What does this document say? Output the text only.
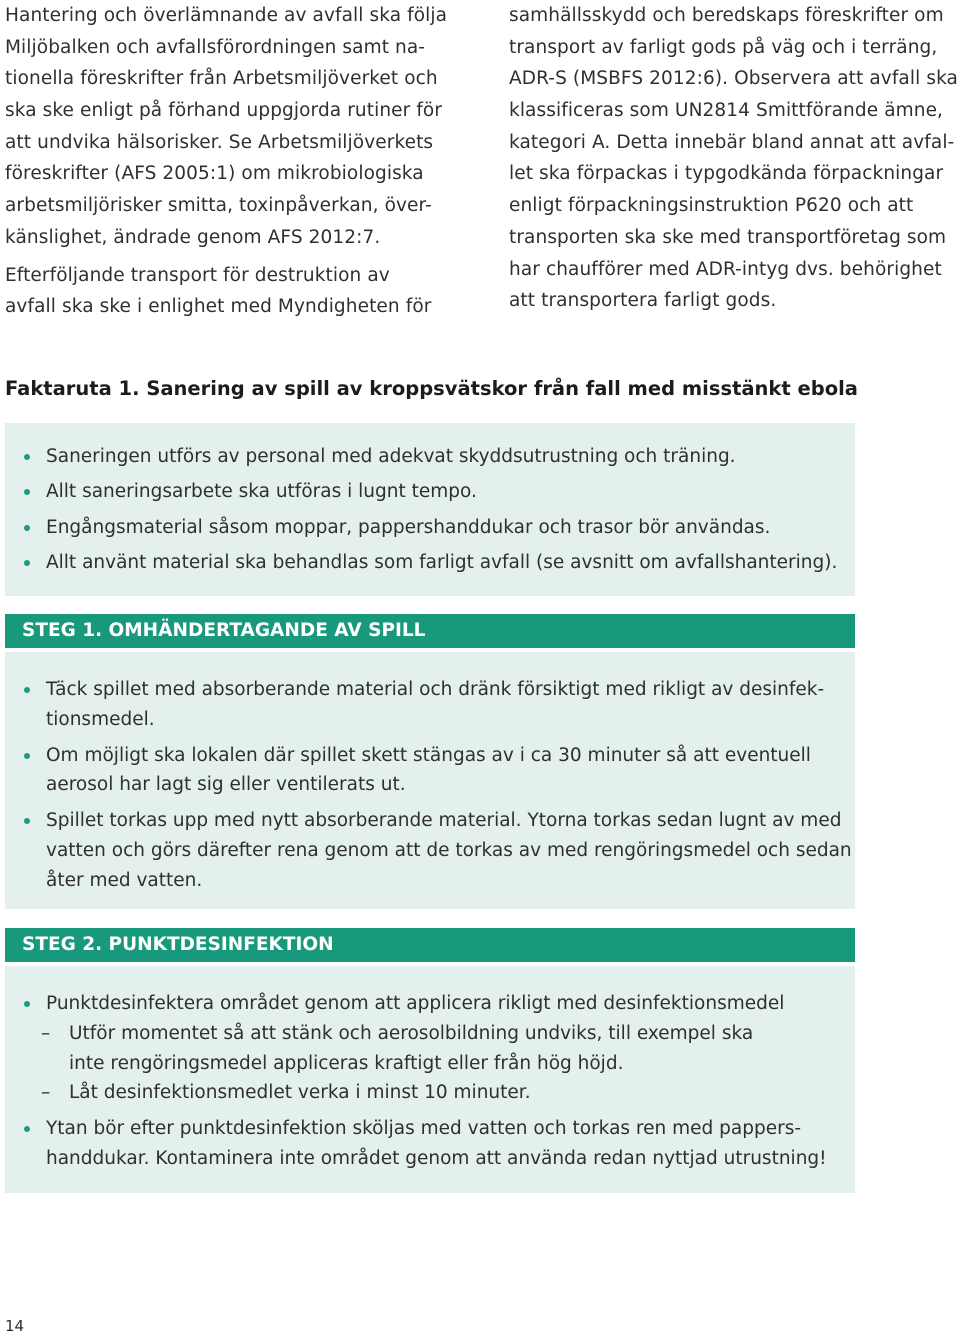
Hantering och överlämnande av avfall ska följa
Miljöbalken och avfallsförordningen samt na-
tionella föreskrifter från Arbetsmiljöverket och
ska ske enligt på förhand uppgjorda rutiner för
att undvika hälsorisker. Se Arbetsmiljöverkets
föreskrifter (AFS 2005:1) om mikrobiologiska
arbetsmiljörisker smitta, toxinpåverkan, över-
känslighet, ändrade genom AFS 2012:7.
Efterföljande transport för destruktion av
avfall ska ske i enlighet med Myndigheten för
samhällsskydd och beredskaps föreskrifter om
transport av farligt gods på väg och i terräng,
ADR-S (MSBFS 2012:6). Observera att avfall ska
klassificeras som UN2814 Smittförande ämne,
kategori A. Detta innebär bland annat att avfal-
let ska förpackas i typgodkända förpackningar
enligt förpackningsinstruktion P620 och att
transporten ska ske med transportföretag som
har chaufförer med ADR-intyg dvs. behörighet
att transportera farligt gods.
Faktaruta 1. Sanering av spill av kroppsvätskor från fall med misstänkt ebola
Saneringen utförs av personal med adekvat skyddsutrustning och träning.
Allt saneringsarbete ska utföras i lugnt tempo.
Engångsmaterial såsom moppar, pappershanddukar och trasor bör användas.
Allt använt material ska behandlas som farligt avfall (se avsnitt om avfallshantering).
STEG 1. OMHÄNDERTAGANDE AV SPILL
Täck spillet med absorberande material och dränk försiktigt med rikligt av desinfek-
tionsmedel.
Om möjligt ska lokalen där spillet skett stängas av i ca 30 minuter så att eventuell
aerosol har lagt sig eller ventilerats ut.
Spillet torkas upp med nytt absorberande material. Ytorna torkas sedan lugnt av med
vatten och görs därefter rena genom att de torkas av med rengöringsmedel och sedan
åter med vatten.
STEG 2. PUNKTDESINFEKTION
Punktdesinfektera området genom att applicera rikligt med desinfektionsmedel
– Utför momentet så att stänk och aerosolbildning undviks, till exempel ska
inte rengöringsmedel appliceras kraftigt eller från hög höjd.
– Låt desinfektionsmedlet verka i minst 10 minuter.
Ytan bör efter punktdesinfektion sköljas med vatten och torkas ren med pappers-
handdukar. Kontaminera inte området genom att använda redan nyttjad utrustning!
14
